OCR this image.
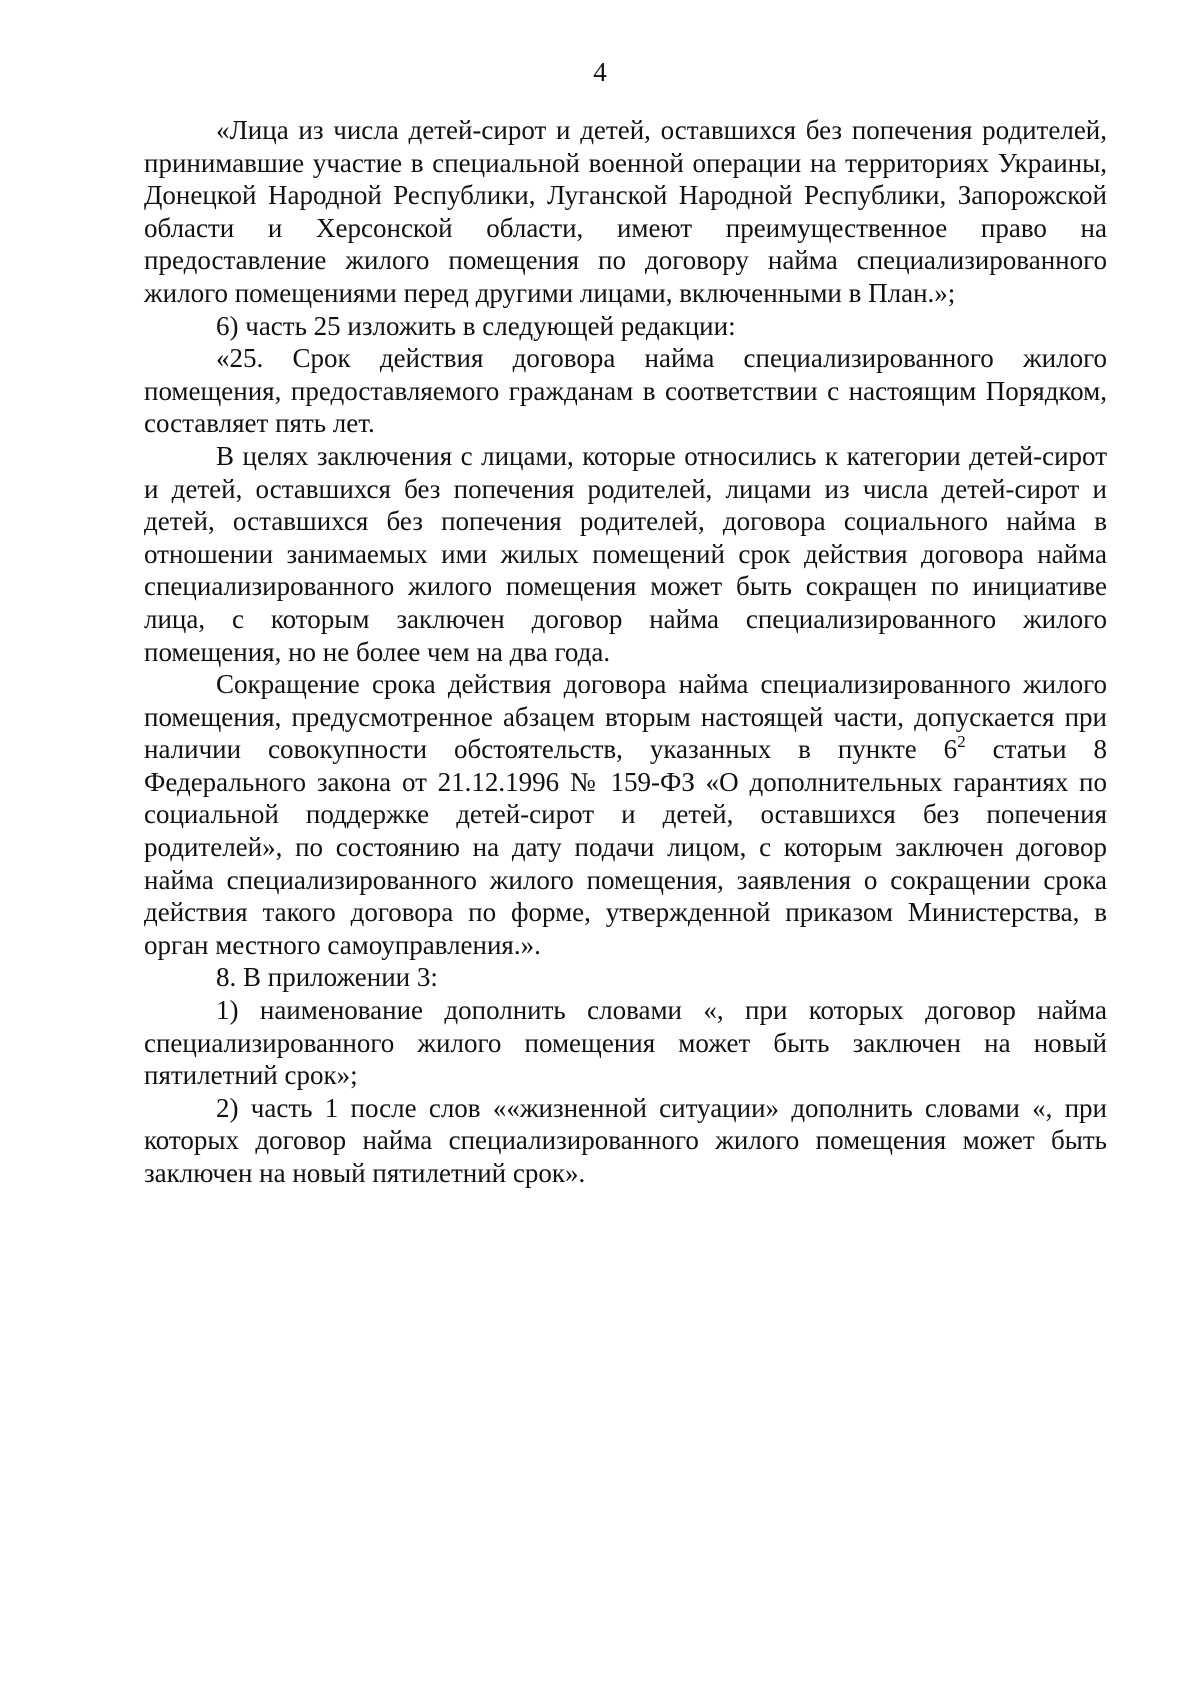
4

«Лица из числа детей-сирот и детей, оставшихся без попечения родителей, принимавшие участие в специальной военной операции на территориях Украины, Донецкой Народной Республики, Луганской Народной Республики, Запорожской области и Херсонской области, имеют преимущественное право на предоставление жилого помещения по договору найма специализированного жилого помещениями перед другими лицами, включенными в План.»;

6) часть 25 изложить в следующей редакции:

«25. Срок действия договора найма специализированного жилого помещения, предоставляемого гражданам в соответствии с настоящим Порядком, составляет пять лет.

В целях заключения с лицами, которые относились к категории детей-сирот и детей, оставшихся без попечения родителей, лицами из числа детей-сирот и детей, оставшихся без попечения родителей, договора социального найма в отношении занимаемых ими жилых помещений срок действия договора найма специализированного жилого помещения может быть сокращен по инициативе лица, с которым заключен договор найма специализированного жилого помещения, но не более чем на два года.

Сокращение срока действия договора найма специализированного жилого помещения, предусмотренное абзацем вторым настоящей части, допускается при наличии совокупности обстоятельств, указанных в пункте $6^2$ статьи 8 Федерального закона от 21.12.1996 № 159-ФЗ «О дополнительных гарантиях по социальной поддержке детей-сирот и детей, оставшихся без попечения родителей», по состоянию на дату подачи лицом, с которым заключен договор найма специализированного жилого помещения, заявления о сокращении срока действия такого договора по форме, утвержденной приказом Министерства, в орган местного самоуправления.».

8. В приложении 3:

1) наименование дополнить словами «, при которых договор найма специализированного жилого помещения может быть заключен на новый пятилетний срок»;

2) часть 1 после слов ««жизненной ситуации» дополнить словами «, при которых договор найма специализированного жилого помещения может быть заключен на новый пятилетний срок».
